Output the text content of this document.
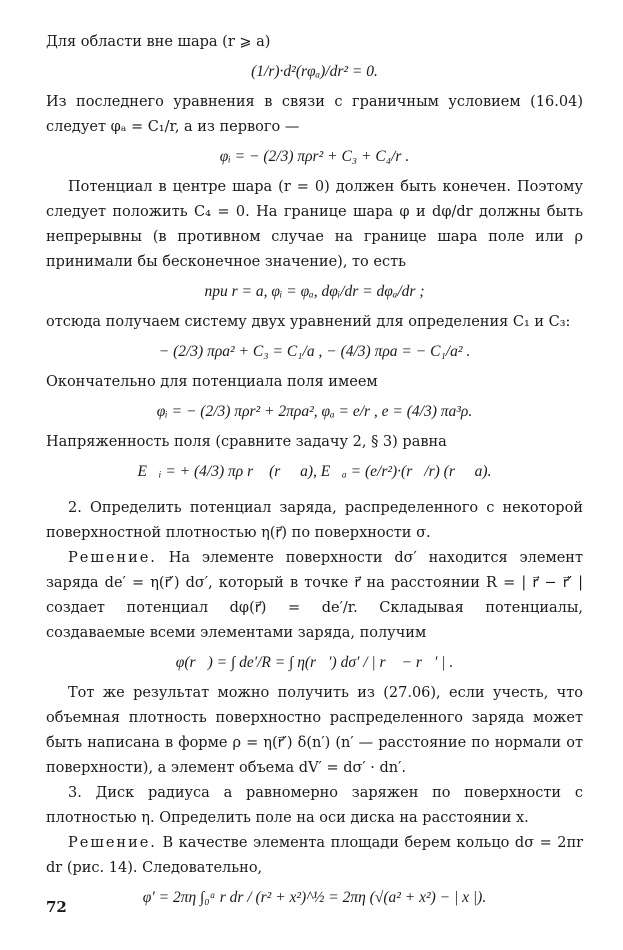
Для области вне шара (r ⩾ a)

(1/r)·d²(rφₐ)/dr² = 0.

Из последнего уравнения в связи с граничным условием (16.04) следует φₐ = C₁/r, а из первого —

φᵢ = − (2/3) πρr² + C₃ + C₄/r .

Потенциал в центре шара (r = 0) должен быть конечен. Поэтому следует положить C₄ = 0. На границе шара φ и dφ/dr должны быть непрерывны (в противном случае на границе шара поле или ρ принимали бы бесконечное значение), то есть

при r = a, φᵢ = φₐ, dφᵢ/dr = dφₐ/dr ;

отсюда получаем систему двух уравнений для определения C₁ и C₃:

− (2/3) πρa² + C₃ = C₁/a , − (4/3) πρa = − C₁/a² .

Окончательно для потенциала поля имеем

φᵢ = − (2/3) πρr² + 2πρa², φₐ = e/r , e = (4/3) πa³ρ.

Напряженность поля (сравните задачу 2, § 3) равна

E⃗ᵢ = + (4/3) πρ r⃗ (r ⩽ a), E⃗ₐ = (e/r²)·(r⃗/r) (r ⩾ a).

2. Определить потенциал заряда, распределенного с некоторой поверхностной плотностью η(r⃗) по поверхности σ.

Решение. На элементе поверхности dσ′ находится элемент заряда de′ = η(r⃗′) dσ′, который в точке r⃗ на расстоянии R = | r⃗ − r⃗′ | создает потенциал dφ(r⃗) = de′/r. Складывая потенциалы, создаваемые всеми элементами заряда, получим

φ(r⃗) = ∫ de′/R = ∫ η(r⃗′) dσ′ / | r⃗ − r⃗′ | .

Тот же результат можно получить из (27.06), если учесть, что объемная плотность поверхностно распределенного заряда может быть написана в форме ρ = η(r⃗′) δ(n′) (n′ — расстояние по нормали от поверхности), а элемент объема dV′ = dσ′ · dn′.

3. Диск радиуса a равномерно заряжен по поверхности с плотностью η. Определить поле на оси диска на расстоянии x.

Решение. В качестве элемента площади берем кольцо dσ = 2πr dr (рис. 14). Следовательно,

φ′ = 2πη ∫₀ᵃ r dr / (r² + x²)^½ = 2πη (√(a² + x²) − | x |).
72
